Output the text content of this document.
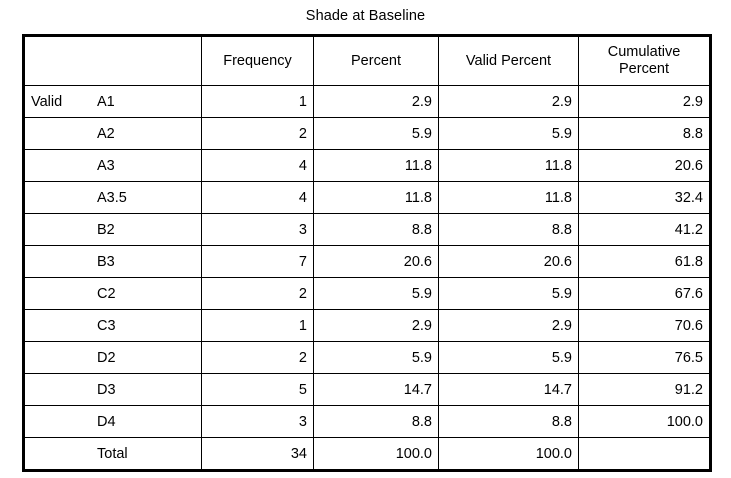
Shade at Baseline
	Frequency	Percent	Valid Percent	Cumulative Percent
Valid A1	1	2.9	2.9	2.9
A2	2	5.9	5.9	8.8
A3	4	11.8	11.8	20.6
A3.5	4	11.8	11.8	32.4
B2	3	8.8	8.8	41.2
B3	7	20.6	20.6	61.8
C2	2	5.9	5.9	67.6
C3	1	2.9	2.9	70.6
D2	2	5.9	5.9	76.5
D3	5	14.7	14.7	91.2
D4	3	8.8	8.8	100.0
Total	34	100.0	100.0	
